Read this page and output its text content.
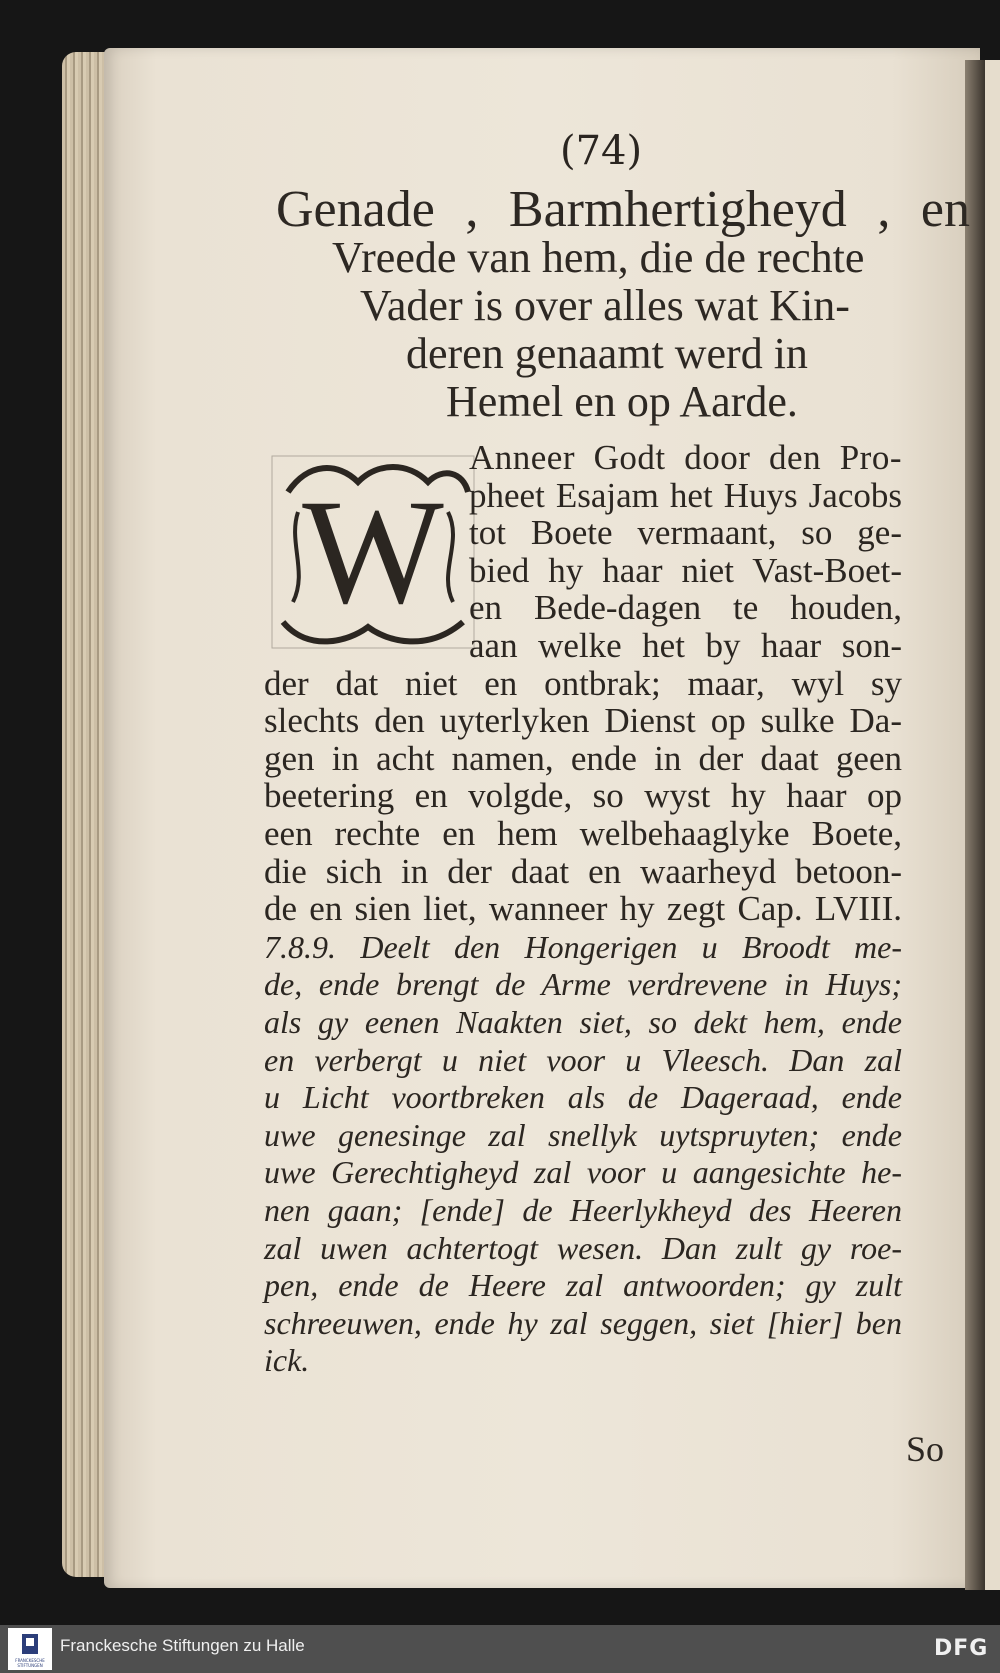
(74)
Genade , Barmhertigheyd , en
Vreede van hem, die de rechte
Vader is over alles wat Kin-
deren genaamt werd in
Hemel en op Aarde.
W
Anneer Godt door den Pro-
pheet Esajam het Huys Jacobs
tot Boete vermaant, so ge-
bied hy haar niet Vast-Boet-
en Bede-dagen te houden,
aan welke het by haar son-
der dat niet en ontbrak; maar, wyl sy
slechts den uyterlyken Dienst op sulke Da-
gen in acht namen, ende in der daat geen
beetering en volgde, so wyst hy haar op
een rechte en hem welbehaaglyke Boete,
die sich in der daat en waarheyd betoon-
de en sien liet, wanneer hy zegt Cap. LVIII.
7.8.9. Deelt den Hongerigen u Broodt me-
de, ende brengt de Arme verdrevene in Huys;
als gy eenen Naakten siet, so dekt hem, ende
en verbergt u niet voor u Vleesch. Dan zal
u Licht voortbreken als de Dageraad, ende
uwe genesinge zal snellyk uytspruyten; ende
uwe Gerechtigheyd zal voor u aangesichte he-
nen gaan; [ende] de Heerlykheyd des Heeren
zal uwen achtertogt wesen. Dan zult gy roe-
pen, ende de Heere zal antwoorden; gy zult
schreeuwen, ende hy zal seggen, siet [hier] ben
ick.
So
FRANCKESCHE STIFTUNGEN
Franckesche Stiftungen zu Halle	DFG
